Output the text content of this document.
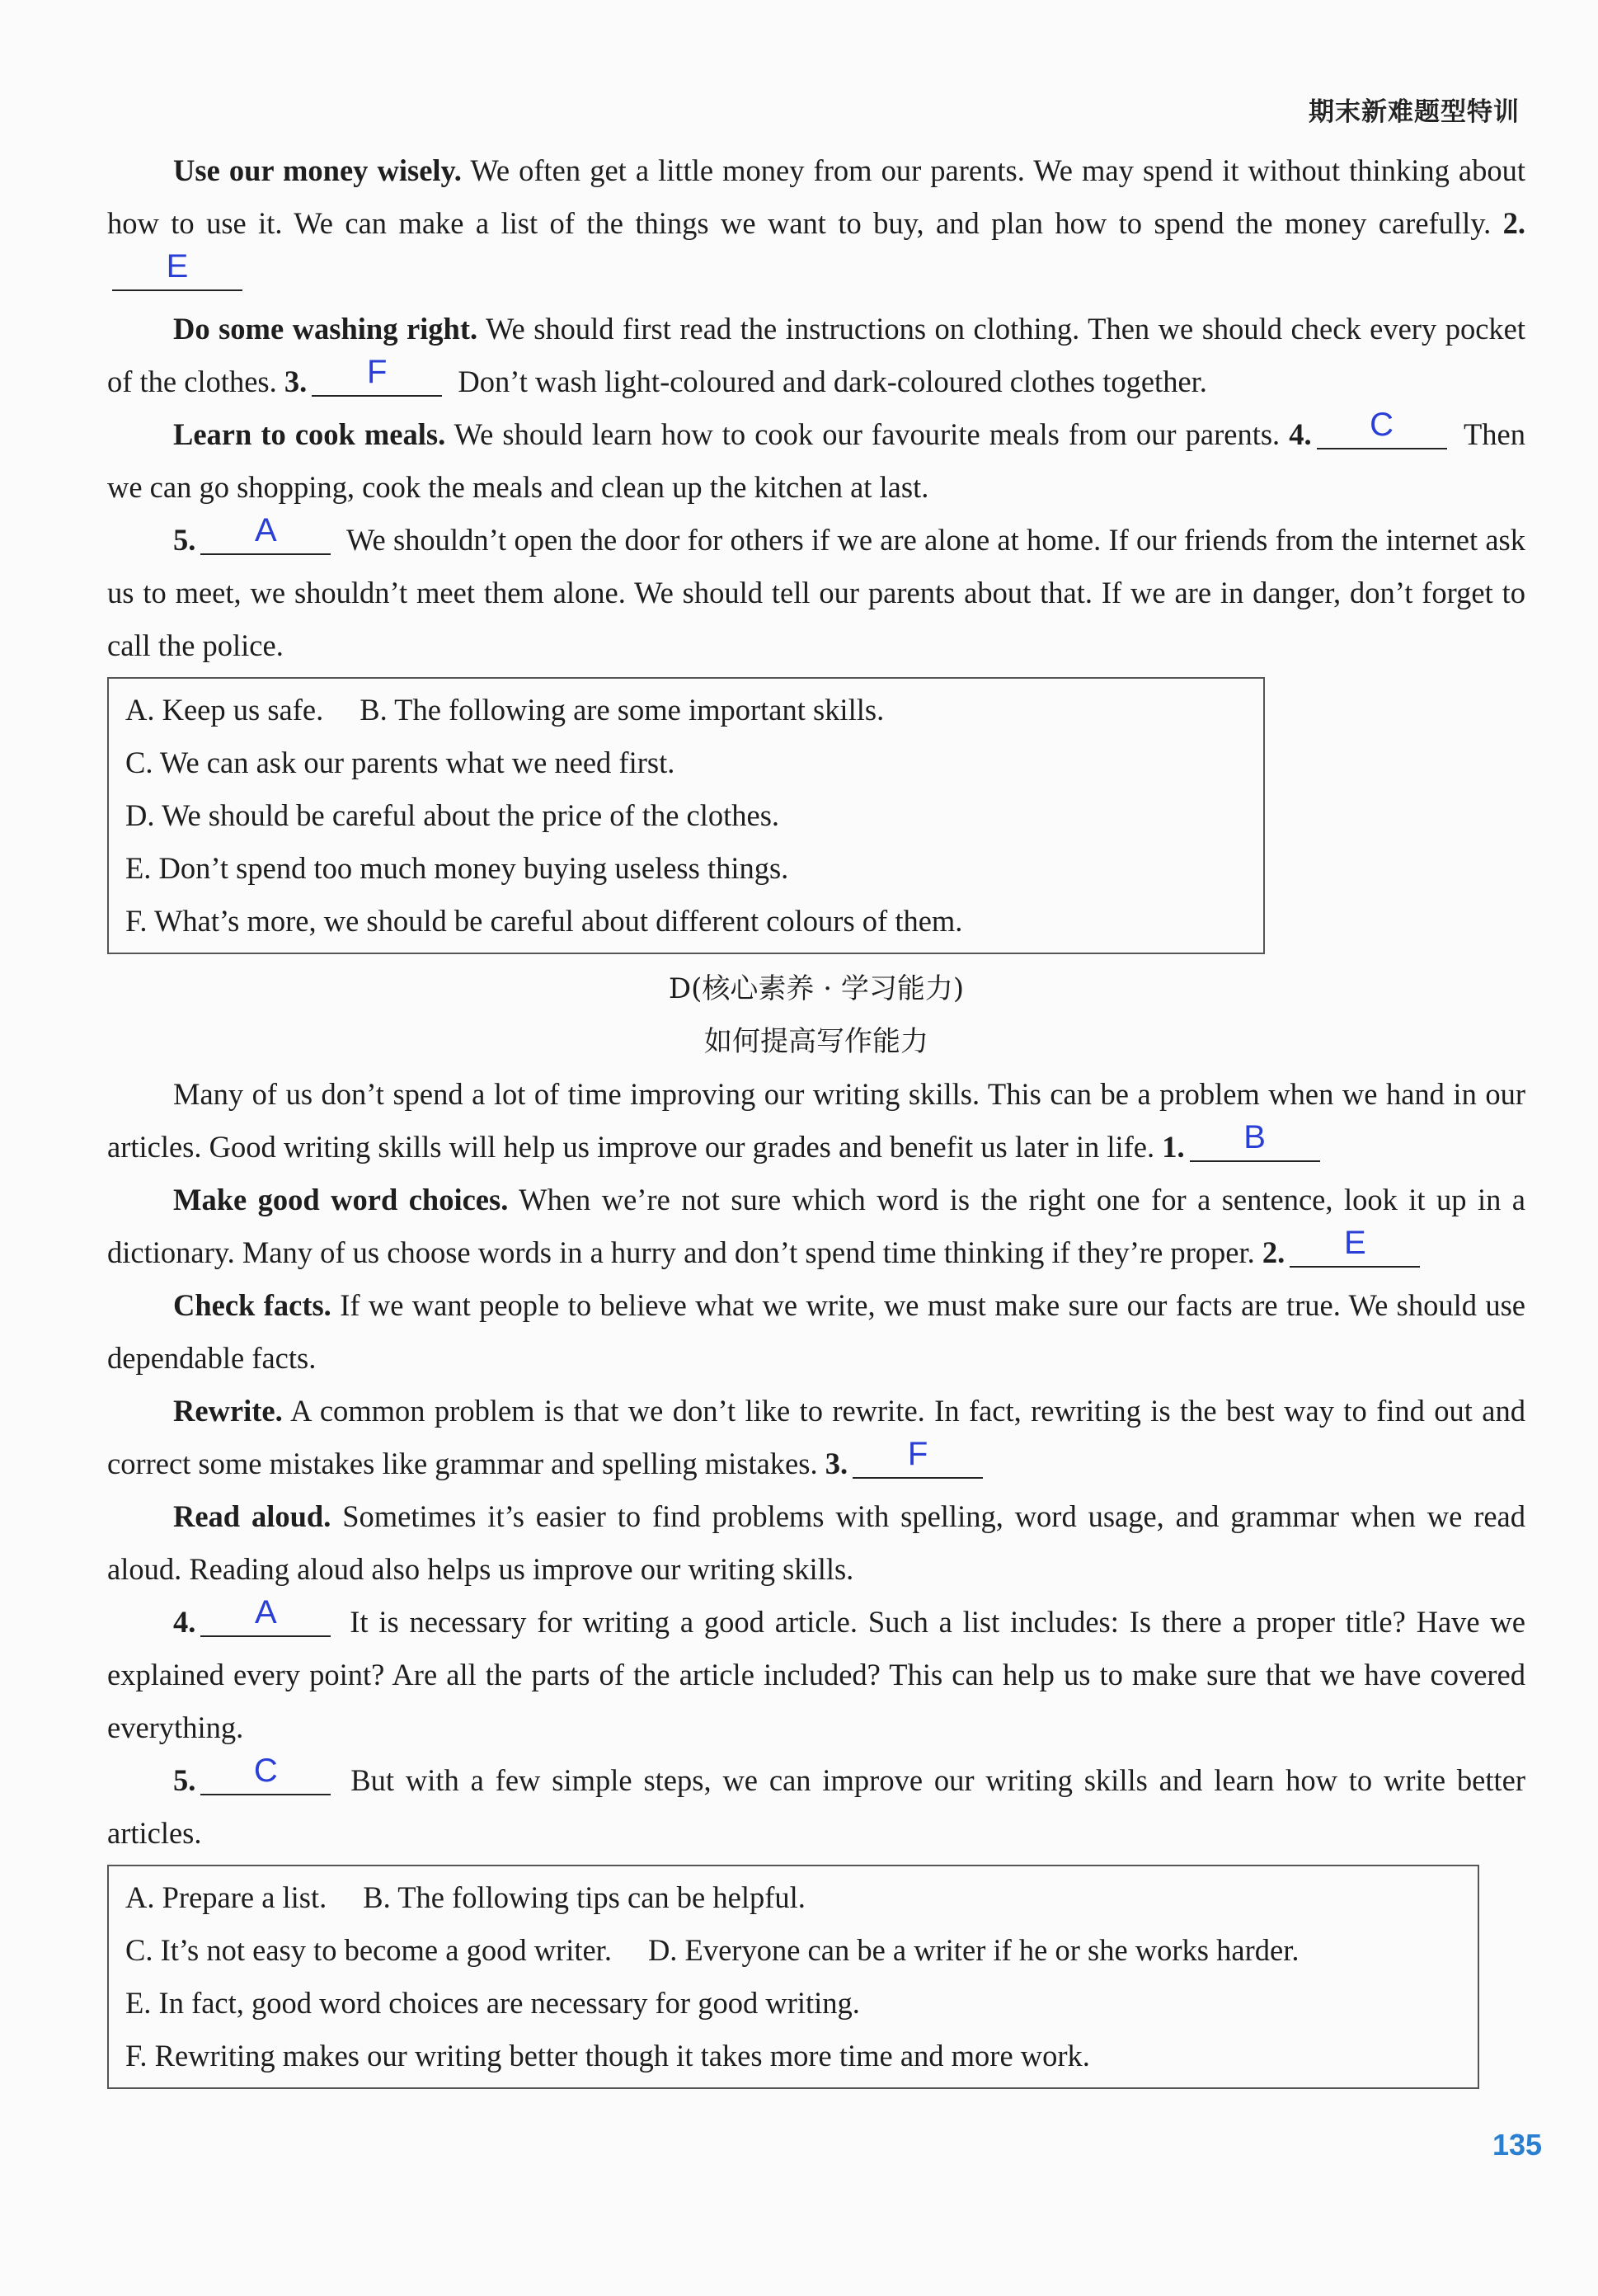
期末新难题型特训

Use our money wisely. We often get a little money from our parents. We may spend it without thinking about how to use it. We can make a list of the things we want to buy, and plan how to spend the money carefully. 2.
E

Do some washing right. We should first read the instructions on clothing. Then we should check every pocket of the clothes. 3.	F	Don’t wash light-coloured and dark-coloured clothes together.

Learn to cook meals. We should learn how to cook our favourite meals from our parents. 4.	C	Then we can go shopping, cook the meals and clean up the kitchen at last.

5.	A	We shouldn’t open the door for others if we are alone at home. If our friends from the internet ask us to meet, we shouldn’t meet them alone. We should tell our parents about that. If we are in danger, don’t forget to call the police.

A. Keep us safe. B. The following are some important skills.
C. We can ask our parents what we need first.
D. We should be careful about the price of the clothes.
E. Don’t spend too much money buying useless things.
F. What’s more, we should be careful about different colours of them.
D(核心素养 · 学习能力)
如何提高写作能力

Many of us don’t spend a lot of time improving our writing skills. This can be a problem when we hand in our articles. Good writing skills will help us improve our grades and benefit us later in life. 1.	B

Make good word choices. When we’re not sure which word is the right one for a sentence, look it up in a dictionary. Many of us choose words in a hurry and don’t spend time thinking if they’re proper. 2.	E

Check facts. If we want people to believe what we write, we must make sure our facts are true. We should use dependable facts.

Rewrite. A common problem is that we don’t like to rewrite. In fact, rewriting is the best way to find out and correct some mistakes like grammar and spelling mistakes. 3.	F

Read aloud. Sometimes it’s easier to find problems with spelling, word usage, and grammar when we read aloud. Reading aloud also helps us improve our writing skills.

4.	A	It is necessary for writing a good article. Such a list includes: Is there a proper title? Have we explained every point? Are all the parts of the article included? This can help us to make sure that we have covered everything.

5.	C	But with a few simple steps, we can improve our writing skills and learn how to write better articles.

A. Prepare a list. B. The following tips can be helpful.
C. It’s not easy to become a good writer. D. Everyone can be a writer if he or she works harder.
E. In fact, good word choices are necessary for good writing.
F. Rewriting makes our writing better though it takes more time and more work.
135
